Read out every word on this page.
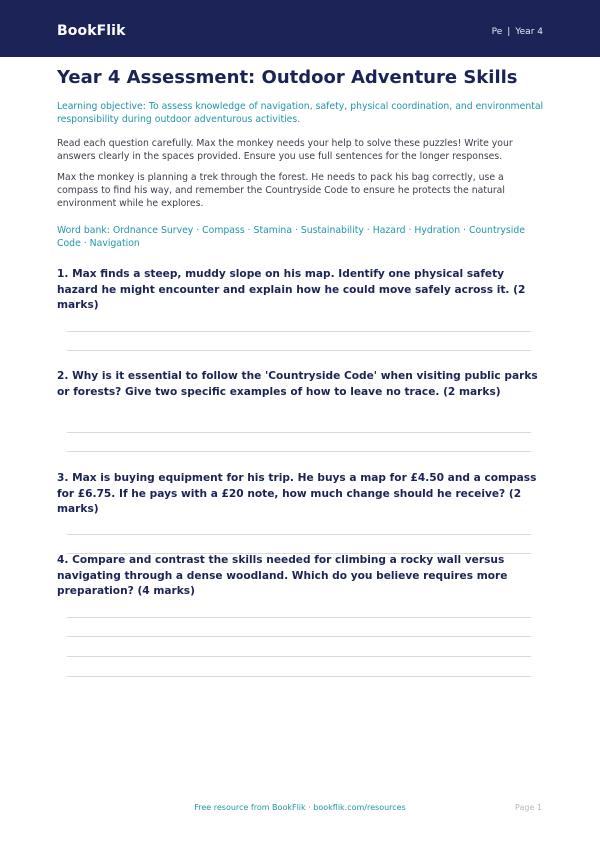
BookFlik	Pe | Year 4
Year 4 Assessment: Outdoor Adventure Skills
Learning objective: To assess knowledge of navigation, safety, physical coordination, and environmental responsibility during outdoor adventurous activities.
Read each question carefully. Max the monkey needs your help to solve these puzzles! Write your answers clearly in the spaces provided. Ensure you use full sentences for the longer responses.
Max the monkey is planning a trek through the forest. He needs to pack his bag correctly, use a compass to find his way, and remember the Countryside Code to ensure he protects the natural environment while he explores.
Word bank: Ordnance Survey · Compass · Stamina · Sustainability · Hazard · Hydration · Countryside Code · Navigation
1. Max finds a steep, muddy slope on his map. Identify one physical safety hazard he might encounter and explain how he could move safely across it. (2 marks)
2. Why is it essential to follow the 'Countryside Code' when visiting public parks or forests? Give two specific examples of how to leave no trace. (2 marks)
3. Max is buying equipment for his trip. He buys a map for £4.50 and a compass for £6.75. If he pays with a £20 note, how much change should he receive? (2 marks)
4. Compare and contrast the skills needed for climbing a rocky wall versus navigating through a dense woodland. Which do you believe requires more preparation? (4 marks)
Free resource from BookFlik · bookflik.com/resources	Page 1
